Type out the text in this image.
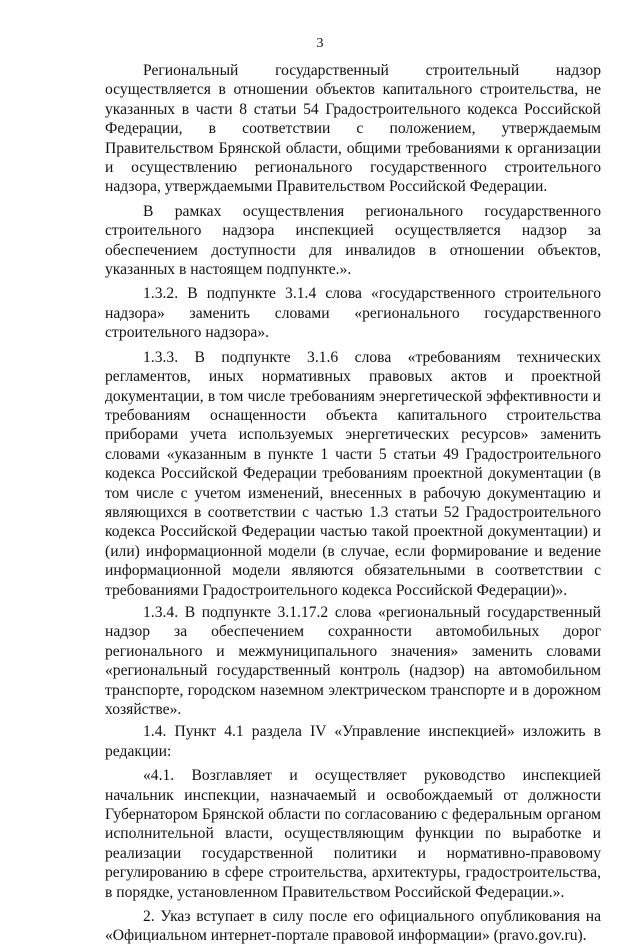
3

Региональный государственный строительный надзор осуществляется в отношении объектов капитального строительства, не указанных в части 8 статьи 54 Градостроительного кодекса Российской Федерации, в соответствии с положением, утверждаемым Правительством Брянской области, общими требованиями к организации и осуществлению регионального государственного строительного надзора, утверждаемыми Правительством Российской Федерации.

В рамках осуществления регионального государственного строительного надзора инспекцией осуществляется надзор за обеспечением доступности для инвалидов в отношении объектов, указанных в настоящем подпункте.».

1.3.2. В подпункте 3.1.4 слова «государственного строительного надзора» заменить словами «регионального государственного строительного надзора».

1.3.3. В подпункте 3.1.6 слова «требованиям технических регламентов, иных нормативных правовых актов и проектной документации, в том числе требованиям энергетической эффективности и требованиям оснащенности объекта капитального строительства приборами учета используемых энергетических ресурсов» заменить словами «указанным в пункте 1 части 5 статьи 49 Градостроительного кодекса Российской Федерации требованиям проектной документации (в том числе с учетом изменений, внесенных в рабочую документацию и являющихся в соответствии с частью 1.3 статьи 52 Градостроительного кодекса Российской Федерации частью такой проектной документации) и (или) информационной модели (в случае, если формирование и ведение информационной модели являются обязательными в соответствии с требованиями Градостроительного кодекса Российской Федерации)».

1.3.4. В подпункте 3.1.17.2 слова «региональный государственный надзор за обеспечением сохранности автомобильных дорог регионального и межмуниципального значения» заменить словами «региональный государственный контроль (надзор) на автомобильном транспорте, городском наземном электрическом транспорте и в дорожном хозяйстве».

1.4. Пункт 4.1 раздела IV «Управление инспекцией» изложить в редакции:

«4.1. Возглавляет и осуществляет руководство инспекцией начальник инспекции, назначаемый и освобождаемый от должности Губернатором Брянской области по согласованию с федеральным органом исполнительной власти, осуществляющим функции по выработке и реализации государственной политики и нормативно-правовому регулированию в сфере строительства, архитектуры, градостроительства, в порядке, установленном Правительством Российской Федерации.».

2. Указ вступает в силу после его официального опубликования на «Официальном интернет-портале правовой информации» (pravo.gov.ru).
